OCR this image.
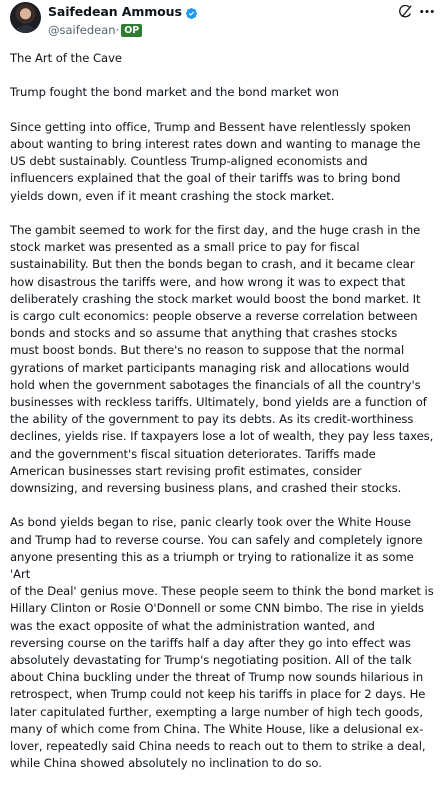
Saifedean Ammous
@saifedean· OP

The Art of the Cave

Trump fought the bond market and the bond market won

Since getting into office, Trump and Bessent have relentlessly spoken
about wanting to bring interest rates down and wanting to manage the
US debt sustainably. Countless Trump-aligned economists and
influencers explained that the goal of their tariffs was to bring bond
yields down, even if it meant crashing the stock market.

The gambit seemed to work for the first day, and the huge crash in the
stock market was presented as a small price to pay for fiscal
sustainability. But then the bonds began to crash, and it became clear
how disastrous the tariffs were, and how wrong it was to expect that
deliberately crashing the stock market would boost the bond market. It
is cargo cult economics: people observe a reverse correlation between
bonds and stocks and so assume that anything that crashes stocks
must boost bonds. But there's no reason to suppose that the normal
gyrations of market participants managing risk and allocations would
hold when the government sabotages the financials of all the country's
businesses with reckless tariffs. Ultimately, bond yields are a function of
the ability of the government to pay its debts. As its credit-worthiness
declines, yields rise. If taxpayers lose a lot of wealth, they pay less taxes,
and the government's fiscal situation deteriorates. Tariffs made
American businesses start revising profit estimates, consider
downsizing, and reversing business plans, and crashed their stocks.

As bond yields began to rise, panic clearly took over the White House
and Trump had to reverse course. You can safely and completely ignore
anyone presenting this as a triumph or trying to rationalize it as some 'Art
of the Deal' genius move. These people seem to think the bond market is
Hillary Clinton or Rosie O'Donnell or some CNN bimbo. The rise in yields
was the exact opposite of what the administration wanted, and
reversing course on the tariffs half a day after they go into effect was
absolutely devastating for Trump's negotiating position. All of the talk
about China buckling under the threat of Trump now sounds hilarious in
retrospect, when Trump could not keep his tariffs in place for 2 days. He
later capitulated further, exempting a large number of high tech goods,
many of which come from China. The White House, like a delusional ex-
lover, repeatedly said China needs to reach out to them to strike a deal,
while China showed absolutely no inclination to do so.
